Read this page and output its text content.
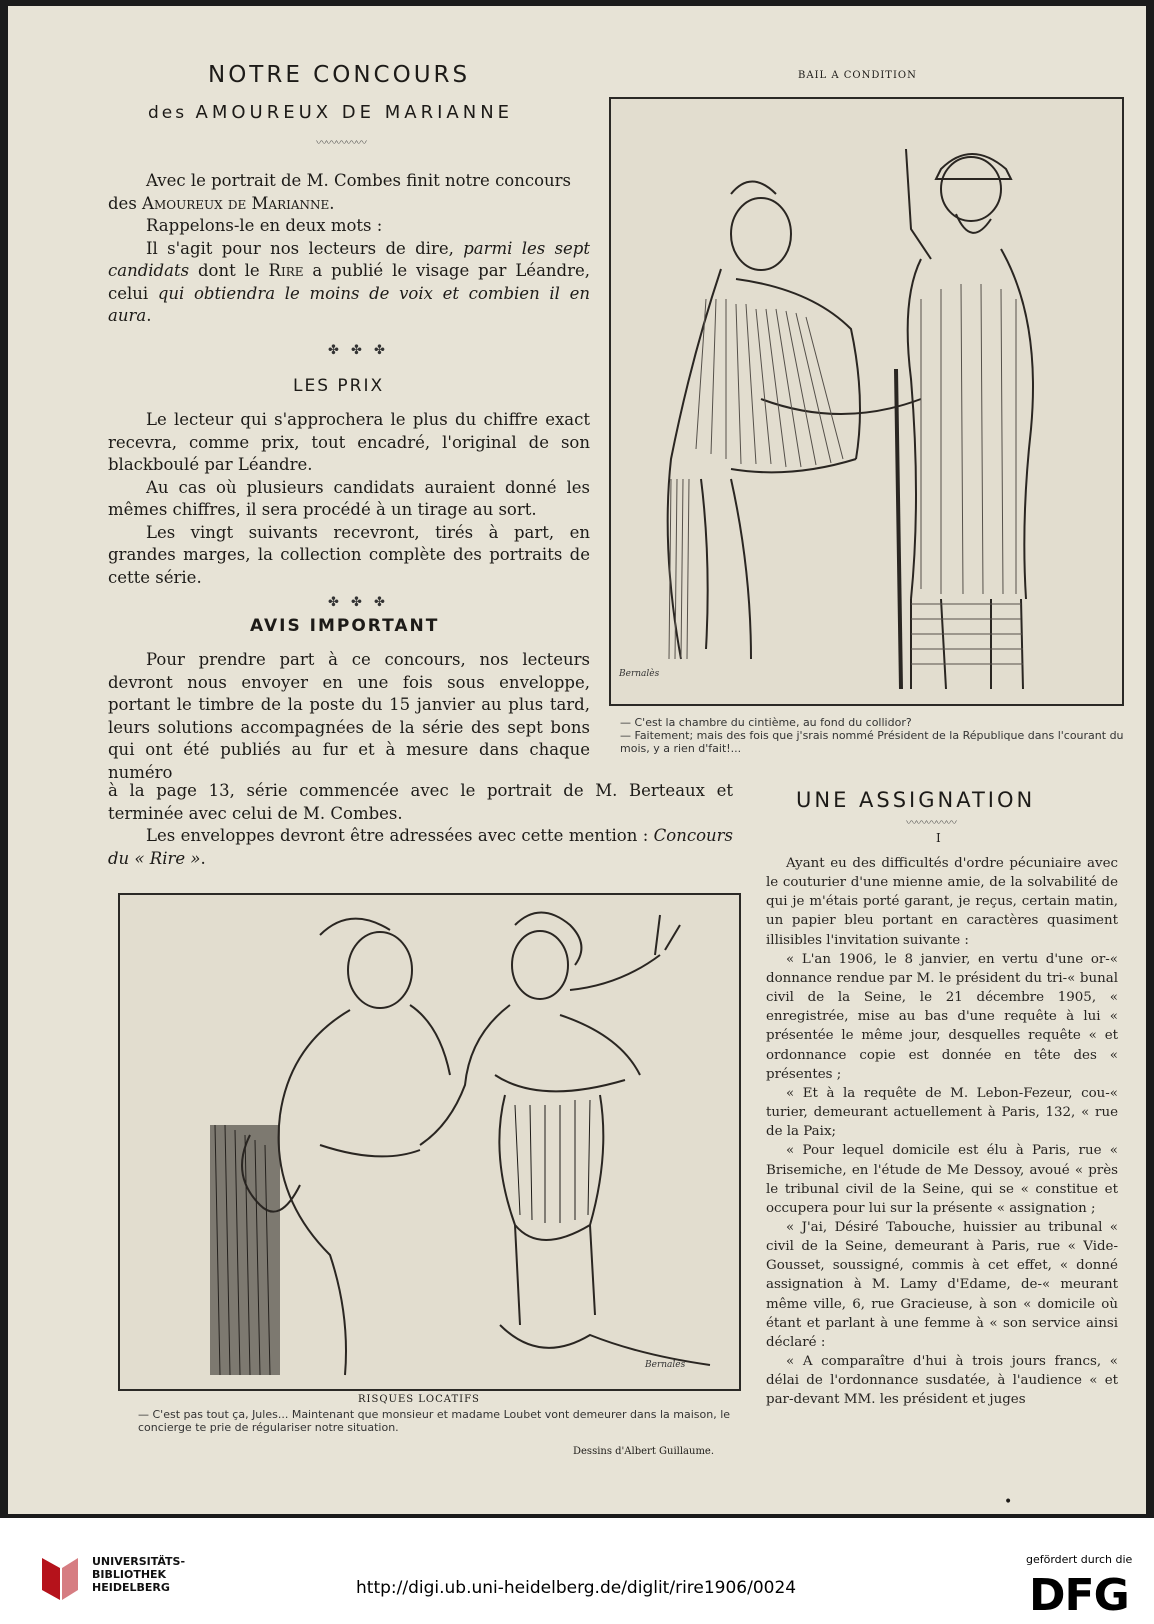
NOTRE CONCOURS
des AMOUREUX DE MARIANNE
〰〰〰〰〰

Avec le portrait de M. Combes finit notre concours

des Amoureux de Marianne.

Rappelons-le en deux mots :

Il s'agit pour nos lecteurs de dire, parmi les sept candidats dont le Rire a publié le visage par Léandre, celui qui obtiendra le moins de voix et combien il en aura.

✤ ✤ ✤
LES PRIX

Le lecteur qui s'approchera le plus du chiffre exact recevra, comme prix, tout encadré, l'original de son blackboulé par Léandre.

Au cas où plusieurs candidats auraient donné les mêmes chiffres, il sera procédé à un tirage au sort.

Les vingt suivants recevront, tirés à part, en grandes marges, la collection complète des portraits de cette série.

✤ ✤ ✤
AVIS IMPORTANT

Pour prendre part à ce concours, nos lecteurs devront nous envoyer en une fois sous enveloppe, portant le timbre de la poste du 15 janvier au plus tard, leurs solutions accompagnées de la série des sept bons qui ont été publiés au fur et à mesure dans chaque numéro

à la page 13, série commencée avec le portrait de M. Berteaux et terminée avec celui de M. Combes.

Les enveloppes devront être adressées avec cette mention : Concours du « Rire ».

BAIL A CONDITION
Bernalès
— C'est la chambre du cintième, au fond du collidor?
— Faitement; mais des fois que j'srais nommé Président de la République dans l'courant du mois, y a rien d'fait!...
UNE ASSIGNATION
〰〰〰〰〰
I

Ayant eu des difficultés d'ordre pécuniaire avec le couturier d'une mienne amie, de la solvabilité de qui je m'étais porté garant, je reçus, certain matin, un papier bleu portant en caractères quasiment illisibles l'invitation suivante :

« L'an 1906, le 8 janvier, en vertu d'une or-« donnance rendue par M. le président du tri-« bunal civil de la Seine, le 21 décembre 1905, « enregistrée, mise au bas d'une requête à lui « présentée le même jour, desquelles requête « et ordonnance copie est donnée en tête des « présentes ;

« Et à la requête de M. Lebon-Fezeur, cou-« turier, demeurant actuellement à Paris, 132, « rue de la Paix;

« Pour lequel domicile est élu à Paris, rue « Brisemiche, en l'étude de Me Dessoy, avoué « près le tribunal civil de la Seine, qui se « constitue et occupera pour lui sur la présente « assignation ;

« J'ai, Désiré Tabouche, huissier au tribunal « civil de la Seine, demeurant à Paris, rue « Vide-Gousset, soussigné, commis à cet effet, « donné assignation à M. Lamy d'Edame, de-« meurant même ville, 6, rue Gracieuse, à son « domicile où étant et parlant à une femme à « son service ainsi déclaré :

« A comparaître d'hui à trois jours francs, « délai de l'ordonnance susdatée, à l'audience « et par-devant MM. les président et juges

•
Bernalès
RISQUES LOCATIFS
— C'est pas tout ça, Jules... Maintenant que monsieur et madame Loubet vont demeurer dans la maison, le concierge te prie de régulariser notre situation.
Dessins d'Albert Guillaume.
UNIVERSITÄTS-
BIBLIOTHEK
HEIDELBERG	http://digi.ub.uni-heidelberg.de/diglit/rire1906/0024
gefördert durch die
DFG
